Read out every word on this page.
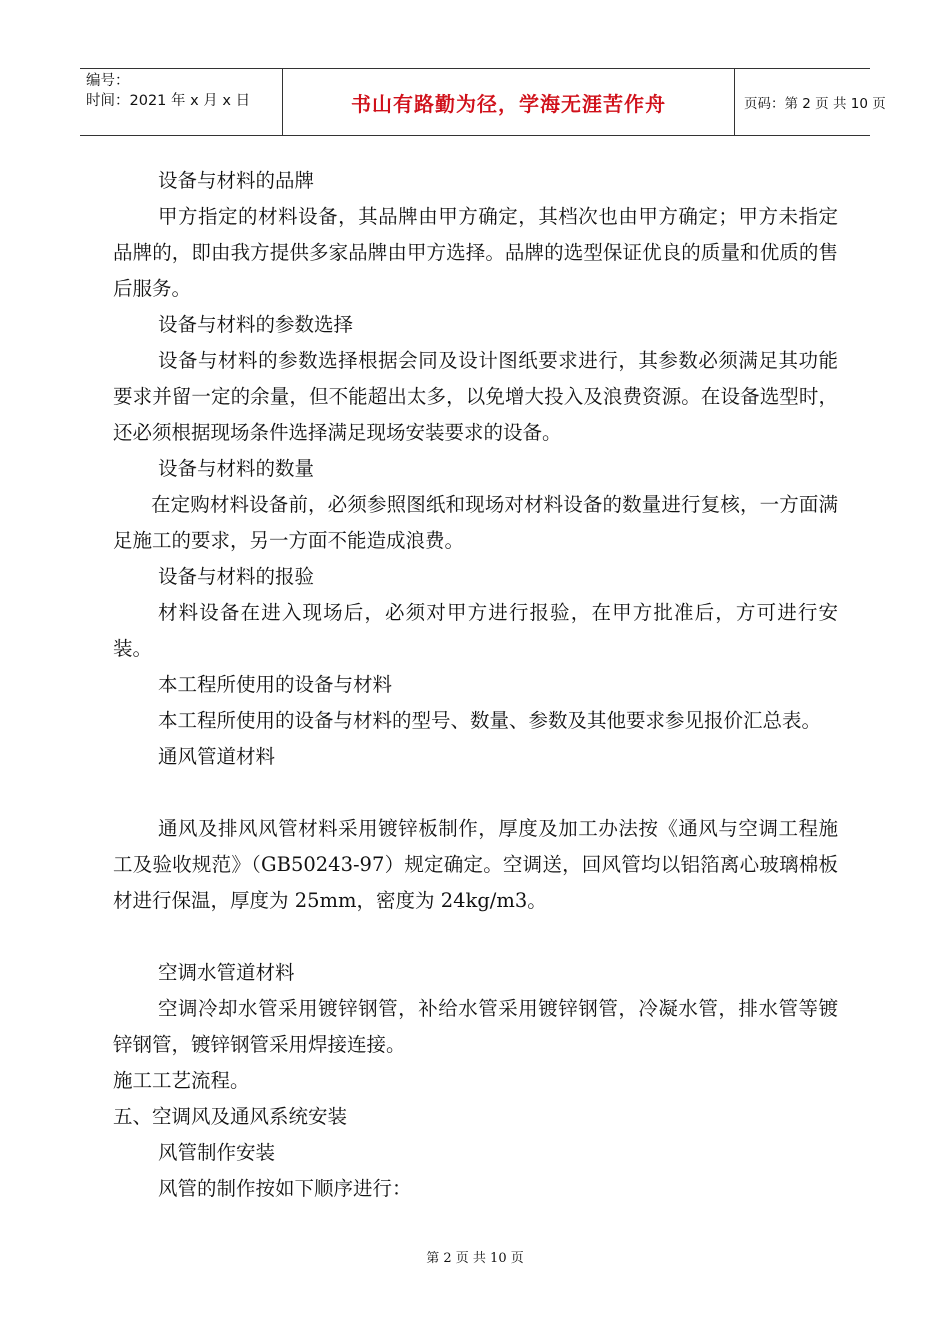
编号：
时间：2021 年 x 月 x 日	书山有路勤为径，学海无涯苦作舟	页码：第 2 页 共 10 页

设备与材料的品牌

甲方指定的材料设备，其品牌由甲方确定，其档次也由甲方确定；甲方未指定品牌的，即由我方提供多家品牌由甲方选择。品牌的选型保证优良的质量和优质的售后服务。

设备与材料的参数选择

设备与材料的参数选择根据会同及设计图纸要求进行，其参数必须满足其功能要求并留一定的余量，但不能超出太多，以免增大投入及浪费资源。在设备选型时，还必须根据现场条件选择满足现场安装要求的设备。

设备与材料的数量

在定购材料设备前，必须参照图纸和现场对材料设备的数量进行复核，一方面满足施工的要求，另一方面不能造成浪费。

设备与材料的报验

材料设备在进入现场后，必须对甲方进行报验，在甲方批准后，方可进行安装。

本工程所使用的设备与材料

本工程所使用的设备与材料的型号、数量、参数及其他要求参见报价汇总表。

通风管道材料

通风及排风风管材料采用镀锌板制作，厚度及加工办法按《通风与空调工程施工及验收规范》（GB50243-97）规定确定。空调送，回风管均以铝箔离心玻璃棉板材进行保温，厚度为 25mm，密度为 24kg/m3。

空调水管道材料

空调冷却水管采用镀锌钢管，补给水管采用镀锌钢管，冷凝水管，排水管等镀锌钢管，镀锌钢管采用焊接连接。

施工工艺流程。

五、空调风及通风系统安装

风管制作安装

风管的制作按如下顺序进行：

第 2 页 共 10 页
